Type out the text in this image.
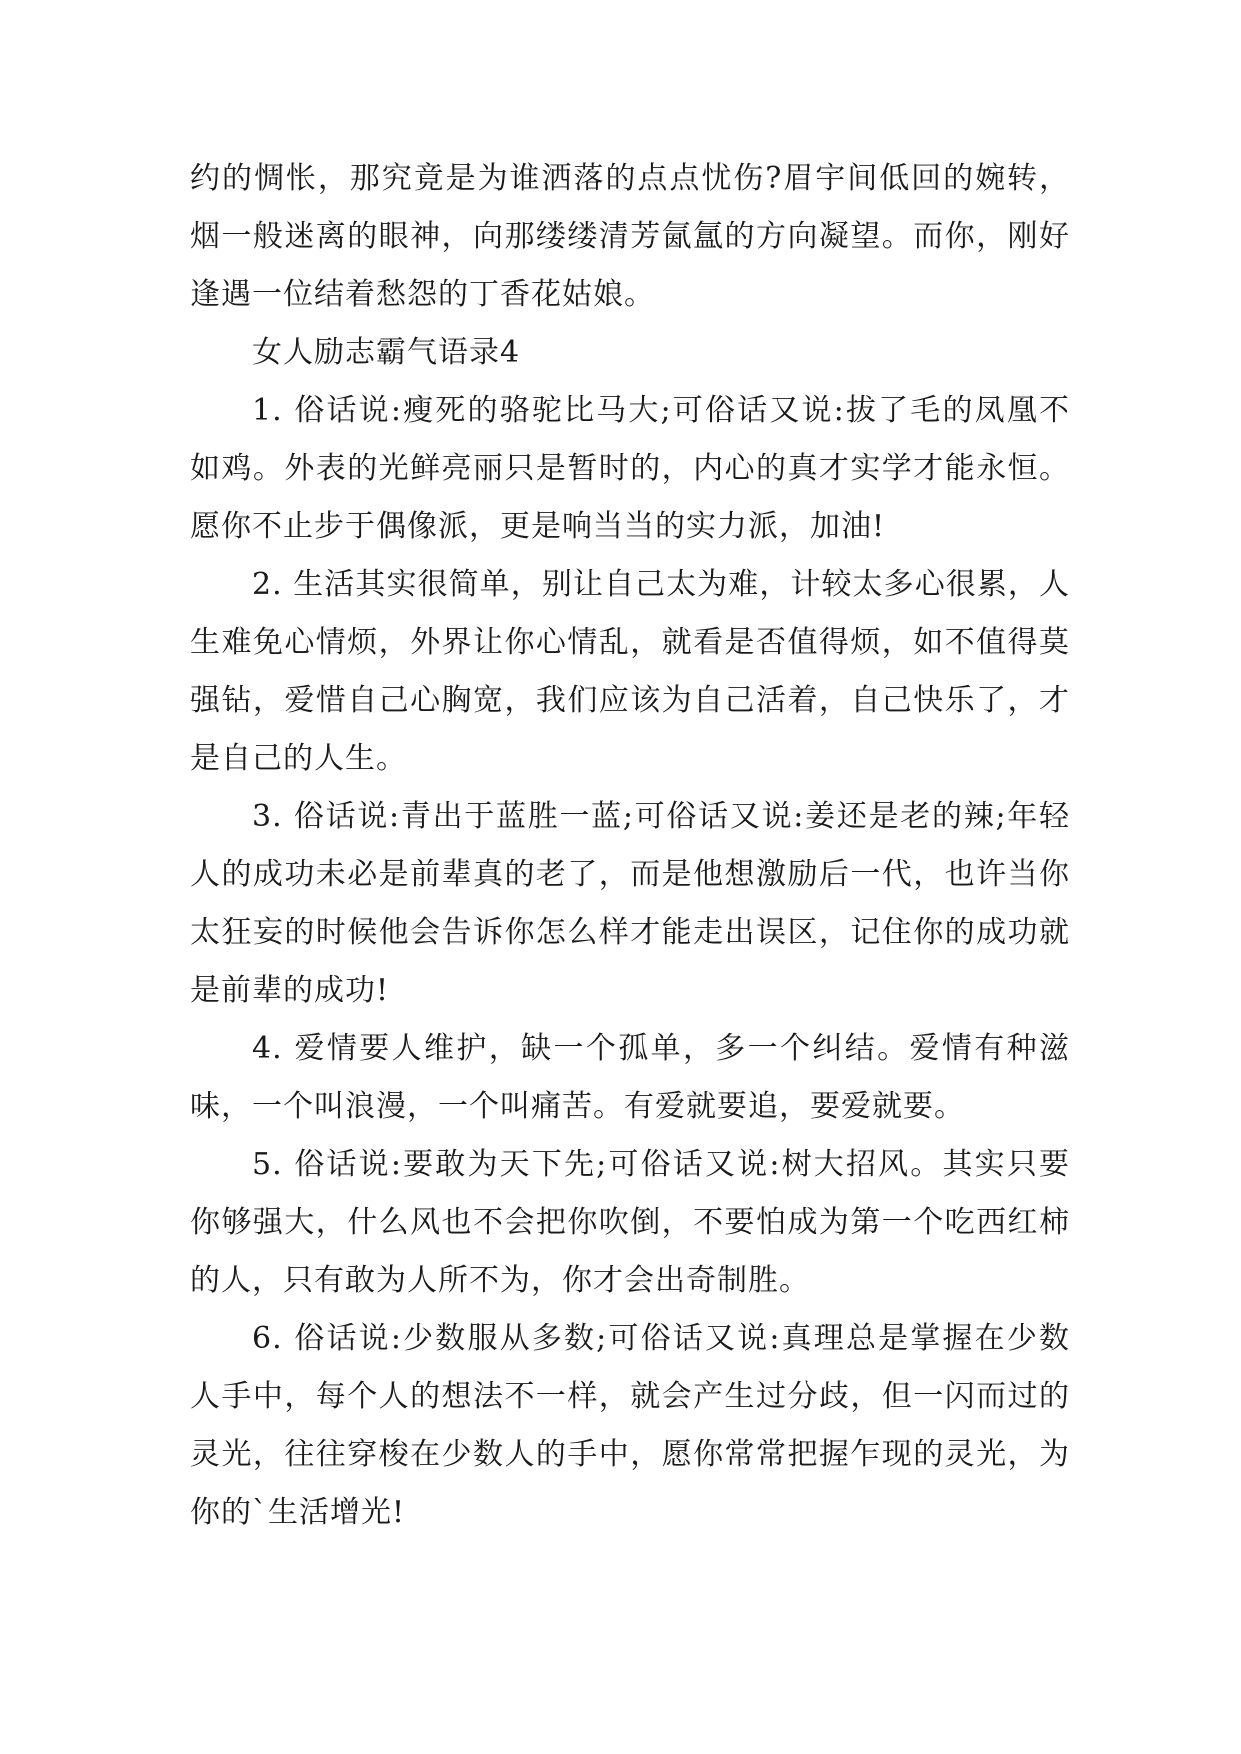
约的惆怅，那究竟是为谁洒落的点点忧伤?眉宇间低回的婉转，烟一般迷离的眼神，向那缕缕清芳氤氲的方向凝望。而你，刚好逢遇一位结着愁怨的丁香花姑娘。

女人励志霸气语录4

1. 俗话说:瘦死的骆驼比马大;可俗话又说:拔了毛的凤凰不如鸡。外表的光鲜亮丽只是暂时的，内心的真才实学才能永恒。愿你不止步于偶像派，更是响当当的实力派，加油!

2. 生活其实很简单，别让自己太为难，计较太多心很累，人生难免心情烦，外界让你心情乱，就看是否值得烦，如不值得莫强钻，爱惜自己心胸宽，我们应该为自己活着，自己快乐了，才是自己的人生。

3. 俗话说:青出于蓝胜一蓝;可俗话又说:姜还是老的辣;年轻人的成功未必是前辈真的老了，而是他想激励后一代，也许当你太狂妄的时候他会告诉你怎么样才能走出误区，记住你的成功就是前辈的成功!

4. 爱情要人维护，缺一个孤单，多一个纠结。爱情有种滋味，一个叫浪漫，一个叫痛苦。有爱就要追，要爱就要。

5. 俗话说:要敢为天下先;可俗话又说:树大招风。其实只要你够强大，什么风也不会把你吹倒，不要怕成为第一个吃西红柿的人，只有敢为人所不为，你才会出奇制胜。

6. 俗话说:少数服从多数;可俗话又说:真理总是掌握在少数人手中，每个人的想法不一样，就会产生过分歧，但一闪而过的灵光，往往穿梭在少数人的手中，愿你常常把握乍现的灵光，为你的`生活增光!
